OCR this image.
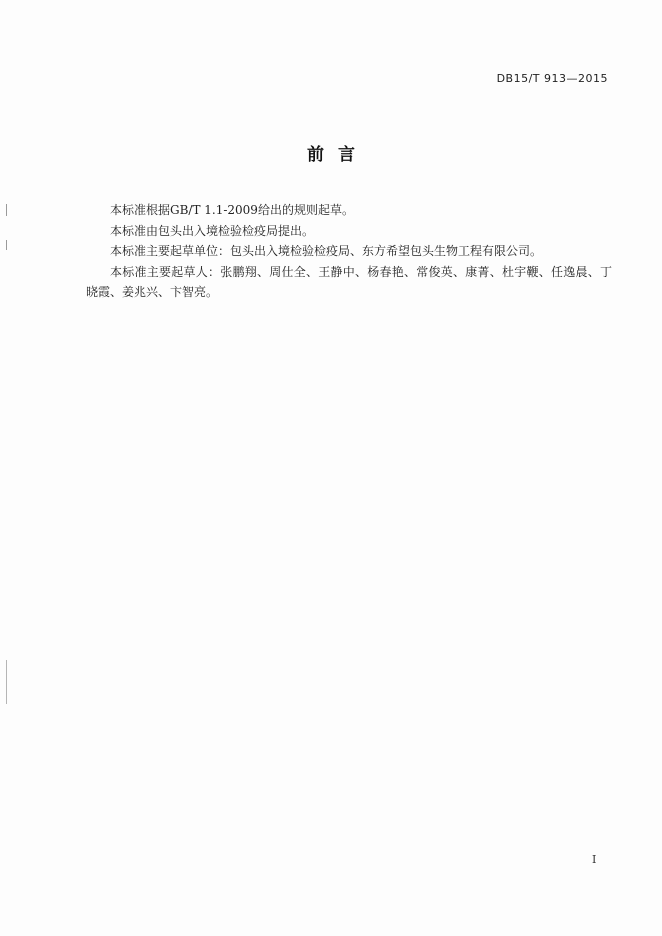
DB15/T 913—2015
前言

本标准根据GB/T 1.1-2009给出的规则起草。

本标准由包头出入境检验检疫局提出。

本标准主要起草单位：包头出入境检验检疫局、东方希望包头生物工程有限公司。

本标准主要起草人：张鹏翔、周仕全、王静中、杨春艳、常俊英、康菁、杜宇鞭、任逸晨、丁晓霞、姜兆兴、卞智亮。

I
